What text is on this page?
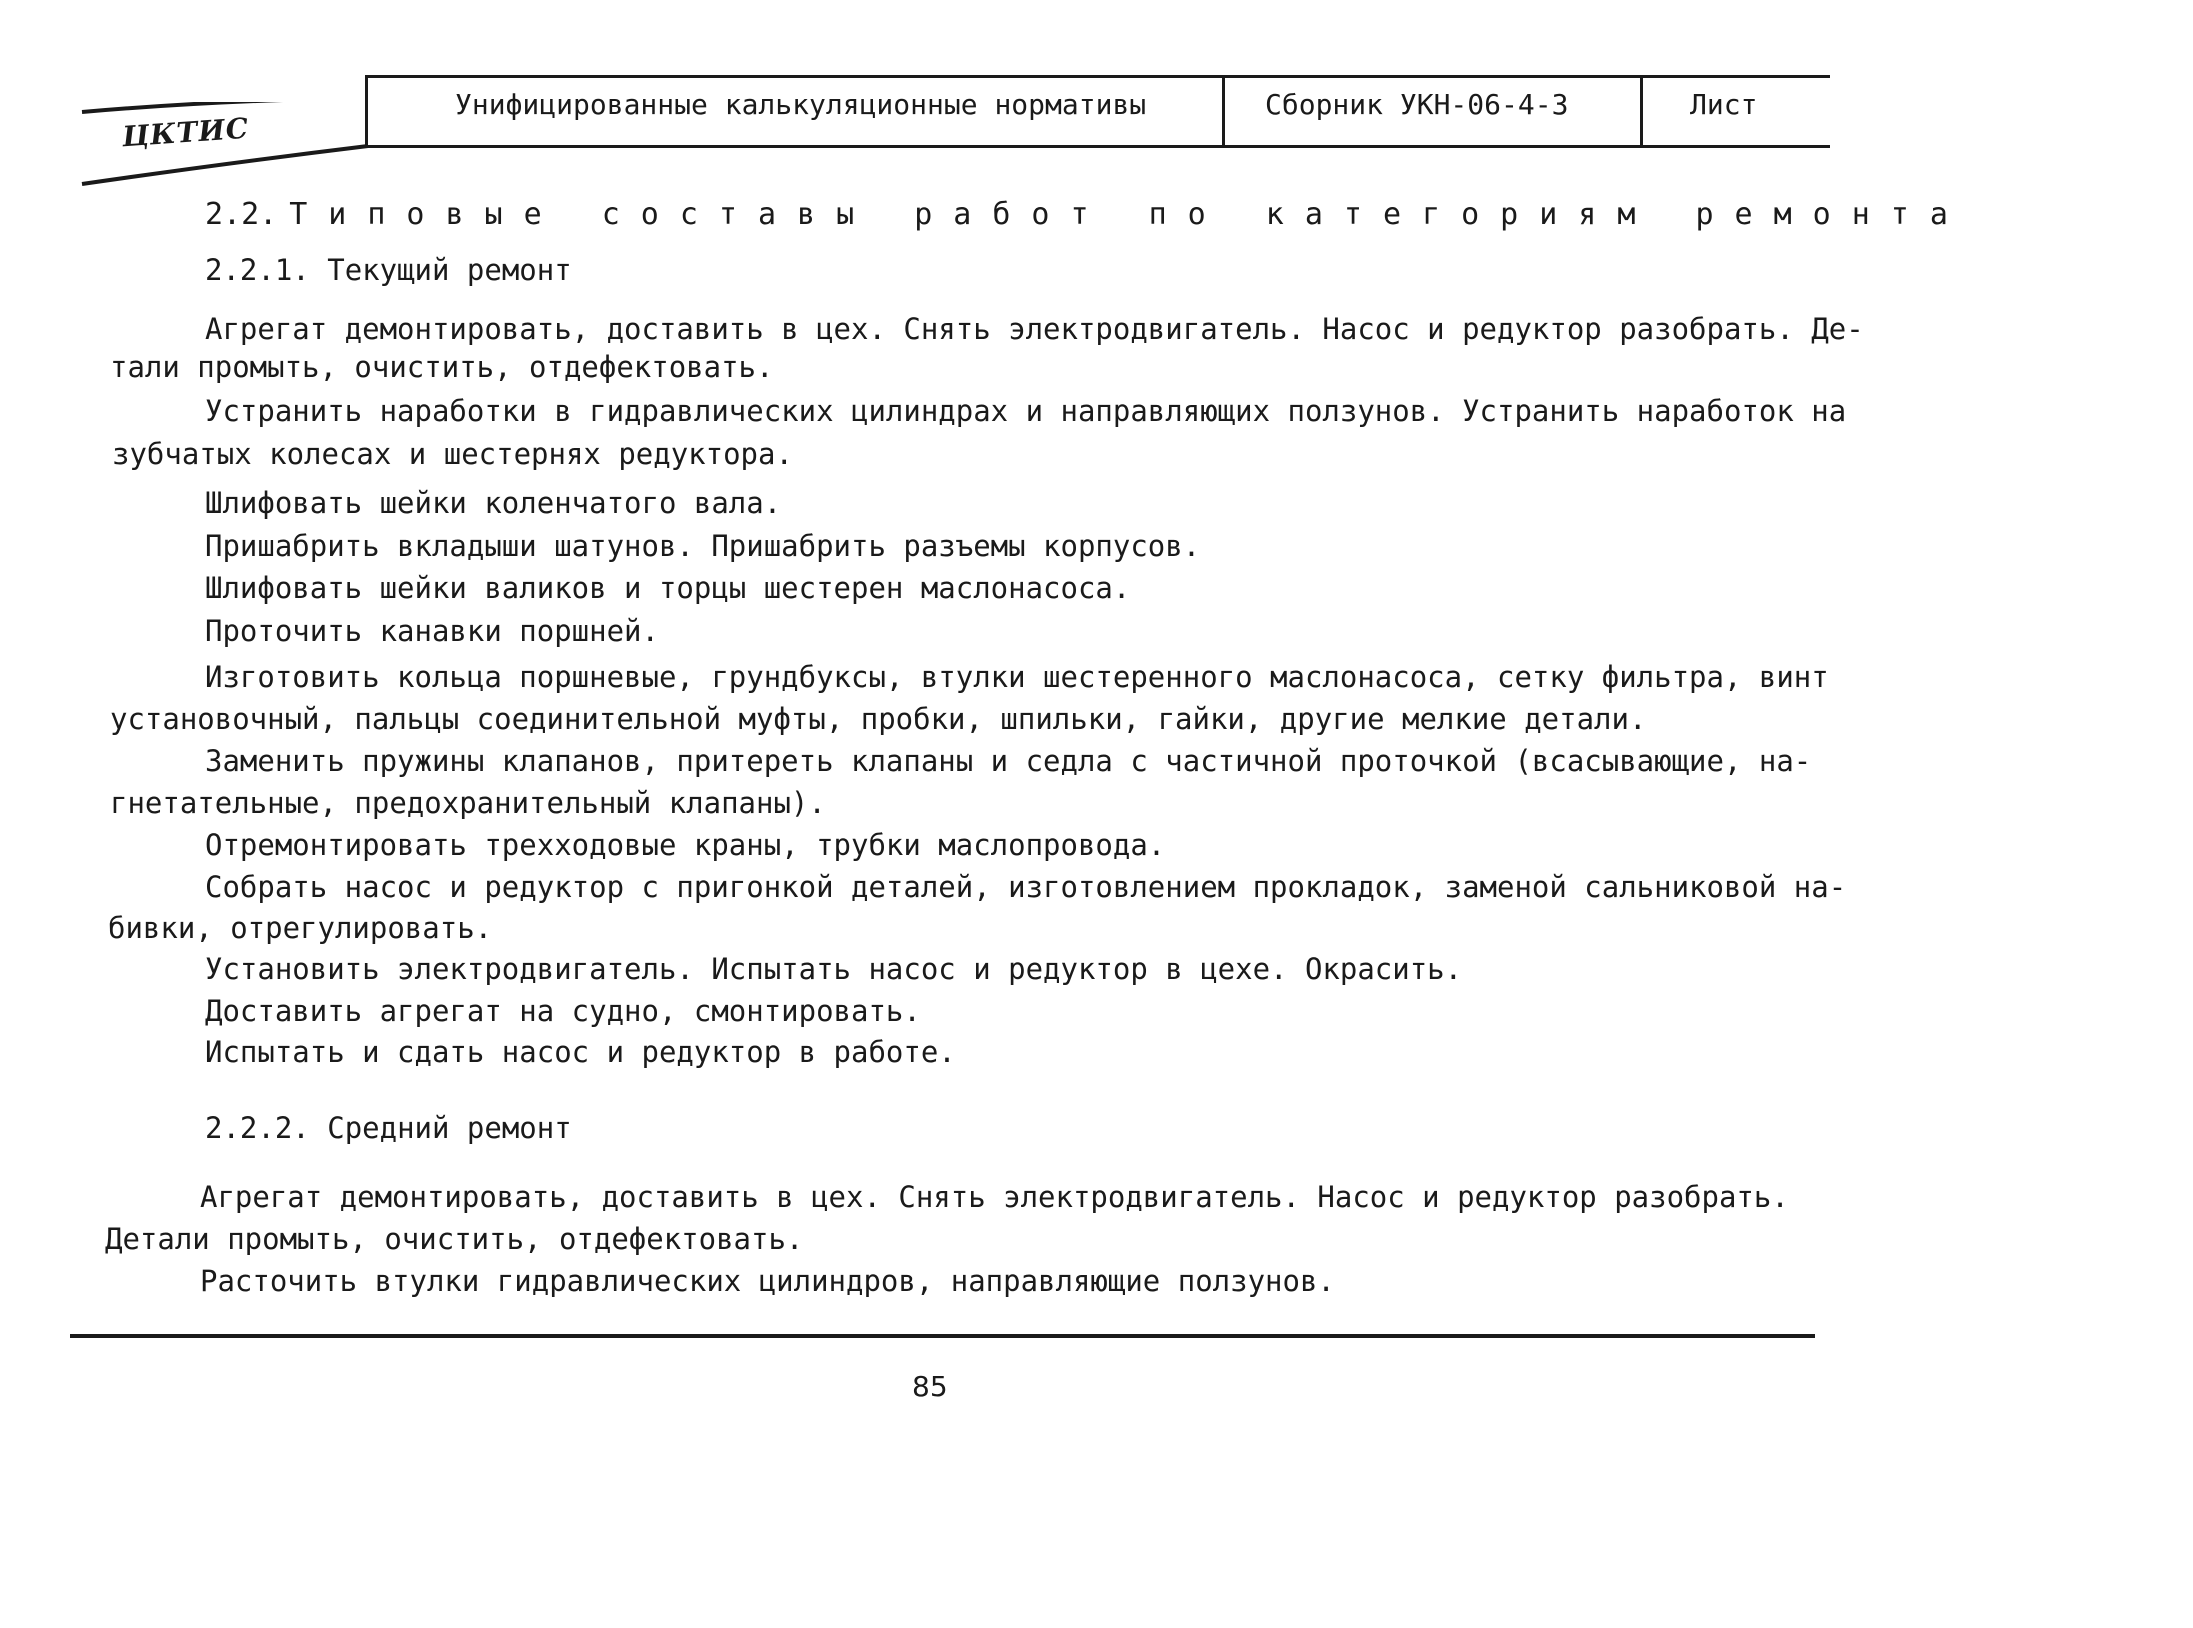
ЦКТИС
Унифицированные калькуляционные нормативы	Сборник УКН-06-4-3	Лист
2.2. Типовые составы работ по категориям ремонта
2.2.1. Текущий ремонт
Агрегат демонтировать, доставить в цех. Снять электродвигатель. Насос и редуктор разобрать. Де-
тали промыть, очистить, отдефектовать.
Устранить наработки в гидравлических цилиндрах и направляющих ползунов. Устранить наработок на
зубчатых колесах и шестернях редуктора.
Шлифовать шейки коленчатого вала.
Пришабрить вкладыши шатунов. Пришабрить разъемы корпусов.
Шлифовать шейки валиков и торцы шестерен маслонасоса.
Проточить канавки поршней.
Изготовить кольца поршневые, грундбуксы, втулки шестеренного маслонасоса, сетку фильтра, винт
установочный, пальцы соединительной муфты, пробки, шпильки, гайки, другие мелкие детали.
Заменить пружины клапанов, притереть клапаны и седла с частичной проточкой (всасывающие, на-
гнетательные, предохранительный клапаны).
Отремонтировать трехходовые краны, трубки маслопровода.
Собрать насос и редуктор с пригонкой деталей, изготовлением прокладок, заменой сальниковой на-
бивки, отрегулировать.
Установить электродвигатель. Испытать насос и редуктор в цехе. Окрасить.
Доставить агрегат на судно, смонтировать.
Испытать и сдать насос и редуктор в работе.
2.2.2. Средний ремонт
Агрегат демонтировать, доставить в цех. Снять электродвигатель. Насос и редуктор разобрать.
Детали промыть, очистить, отдефектовать.
Расточить втулки гидравлических цилиндров, направляющие ползунов.
85
